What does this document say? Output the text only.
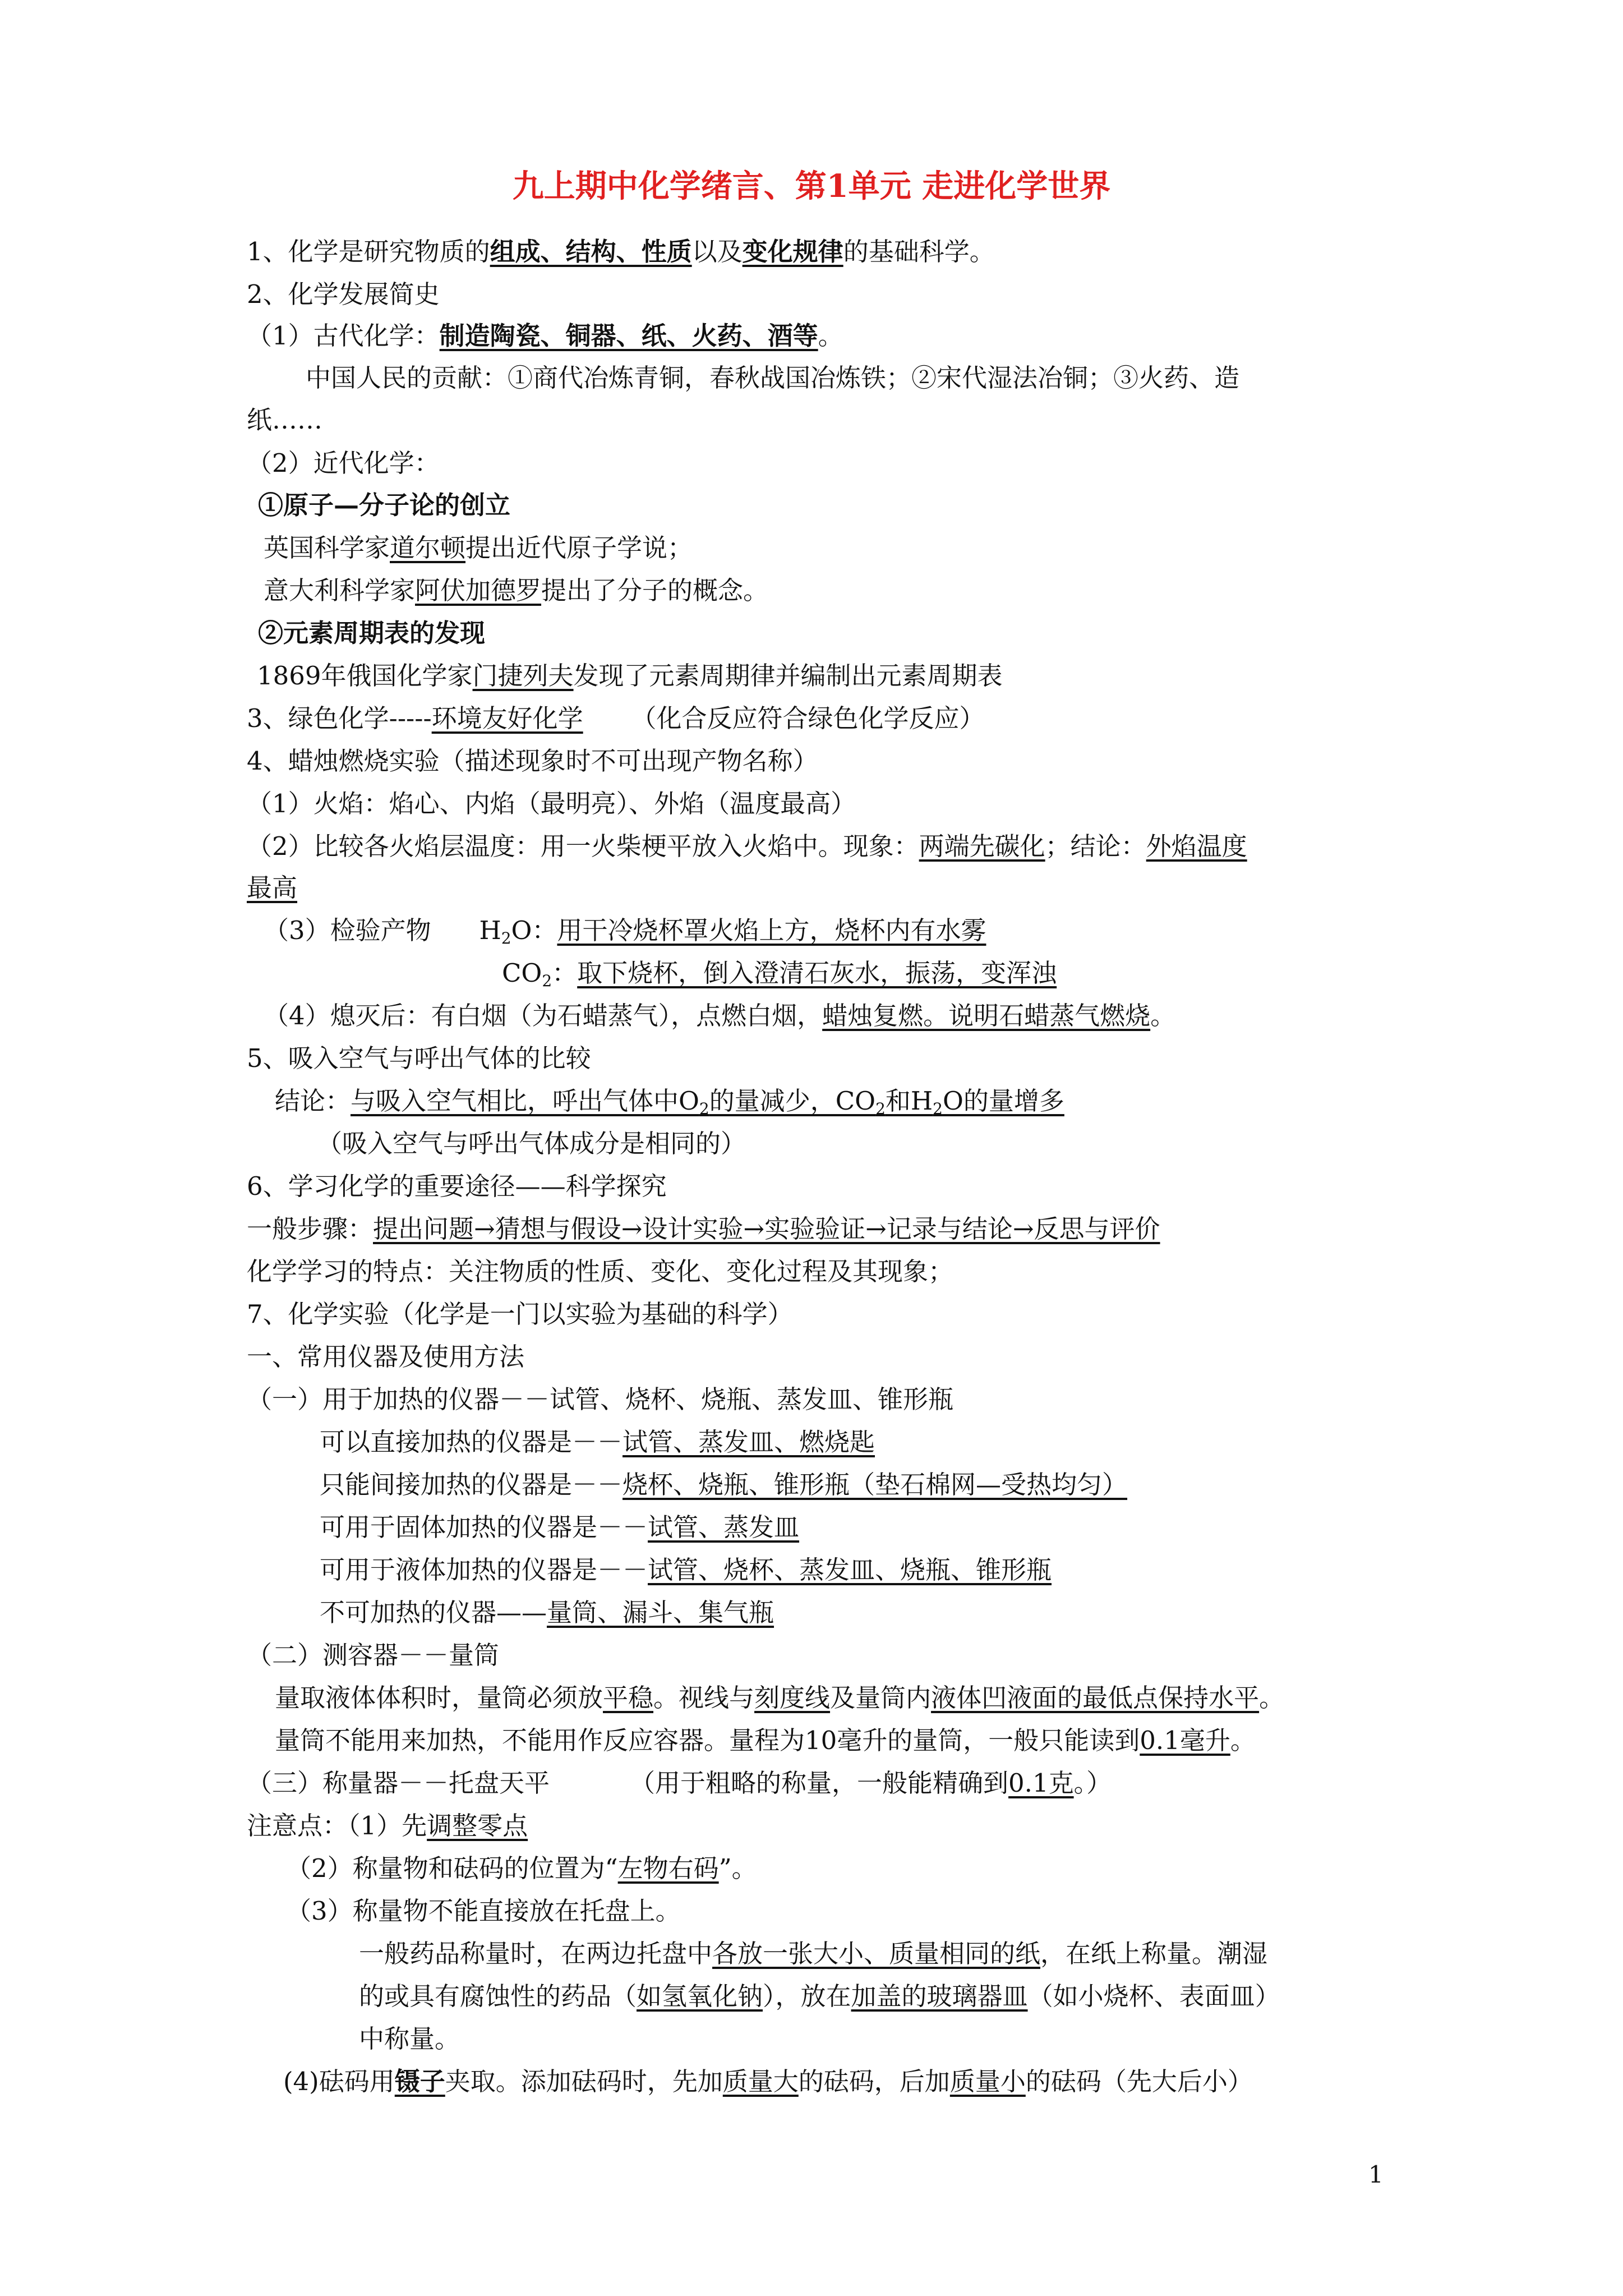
九上期中化学绪言、第1单元 走进化学世界
1、化学是研究物质的组成、结构、性质以及变化规律的基础科学。
2、化学发展简史
（1）古代化学：制造陶瓷、铜器、纸、火药、酒等。
中国人民的贡献：①商代冶炼青铜，春秋战国冶炼铁；②宋代湿法冶铜；③火药、造
纸……
（2）近代化学：
①原子—分子论的创立
英国科学家道尔顿提出近代原子学说；
意大利科学家阿伏加德罗提出了分子的概念。
②元素周期表的发现
1869年俄国化学家门捷列夫发现了元素周期律并编制出元素周期表
3、绿色化学-----环境友好化学      （化合反应符合绿色化学反应）
4、蜡烛燃烧实验（描述现象时不可出现产物名称）
（1）火焰：焰心、内焰（最明亮）、外焰（温度最高）
（2）比较各火焰层温度：用一火柴梗平放入火焰中。现象：两端先碳化；结论：外焰温度
最高
（3）检验产物      $H_2O$：用干冷烧杯罩火焰上方，烧杯内有水雾
$CO_2$：取下烧杯，倒入澄清石灰水，振荡，变浑浊
（4）熄灭后：有白烟（为石蜡蒸气），点燃白烟，蜡烛复燃。说明石蜡蒸气燃烧。
5、吸入空气与呼出气体的比较
结论：与吸入空气相比，呼出气体中$O_2$的量减少，$CO_2$和$H_2O$的量增多
（吸入空气与呼出气体成分是相同的）
6、学习化学的重要途径——科学探究
一般步骤：提出问题→猜想与假设→设计实验→实验验证→记录与结论→反思与评价
化学学习的特点：关注物质的性质、变化、变化过程及其现象；
7、化学实验（化学是一门以实验为基础的科学）
一、常用仪器及使用方法
（一）用于加热的仪器－－试管、烧杯、烧瓶、蒸发皿、锥形瓶
可以直接加热的仪器是－－试管、蒸发皿、燃烧匙
只能间接加热的仪器是－－烧杯、烧瓶、锥形瓶（垫石棉网—受热均匀）
可用于固体加热的仪器是－－试管、蒸发皿
可用于液体加热的仪器是－－试管、烧杯、蒸发皿、烧瓶、锥形瓶
不可加热的仪器——量筒、漏斗、集气瓶
（二）测容器－－量筒
量取液体体积时，量筒必须放平稳。视线与刻度线及量筒内液体凹液面的最低点保持水平。
量筒不能用来加热，不能用作反应容器。量程为10毫升的量筒，一般只能读到0.1毫升。
（三）称量器－－托盘天平          （用于粗略的称量，一般能精确到0.1克。）
注意点：（1）先调整零点
（2）称量物和砝码的位置为“左物右码”。
（3）称量物不能直接放在托盘上。
一般药品称量时，在两边托盘中各放一张大小、质量相同的纸，在纸上称量。潮湿
的或具有腐蚀性的药品（如氢氧化钠），放在加盖的玻璃器皿（如小烧杯、表面皿）
中称量。
(4)砝码用镊子夹取。添加砝码时，先加质量大的砝码，后加质量小的砝码（先大后小）
1
